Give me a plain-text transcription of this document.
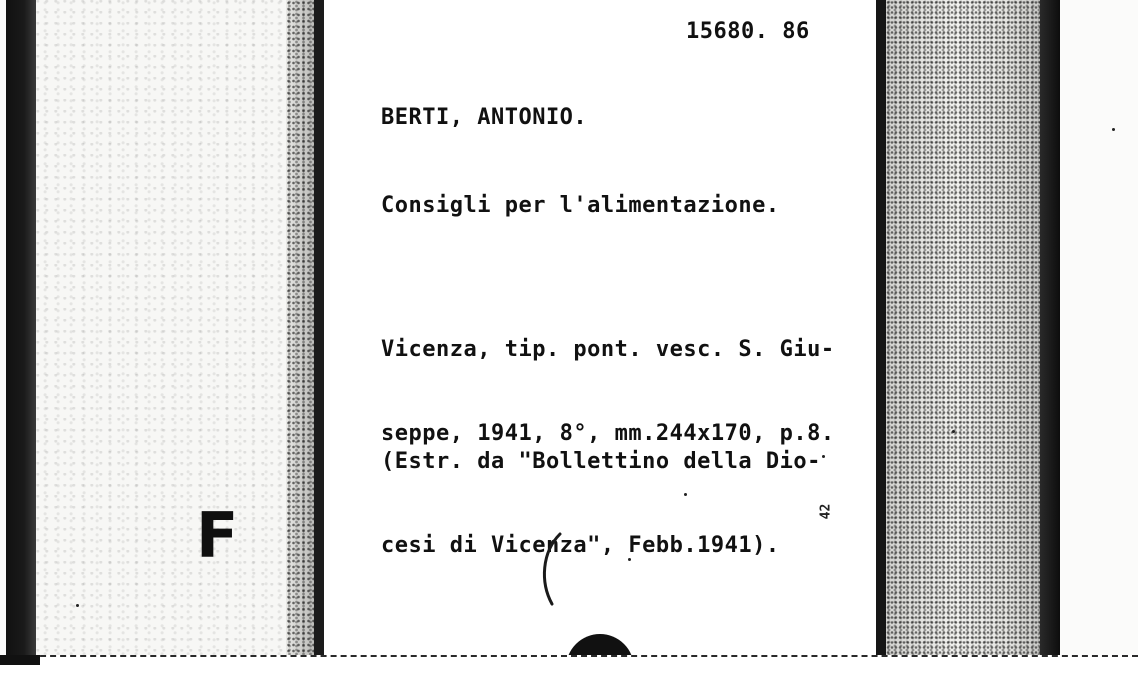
15680. 86
BERTI, ANTONIO.
Consigli per l'alimentazione.

Vicenza, tip. pont. vesc. S. Giu-

seppe, 1941, 8°, mm.244x170, p.8.

(Estr. da "Bollettino della Dio-

cesi di Vicenza", Febb.1941).

F	42
